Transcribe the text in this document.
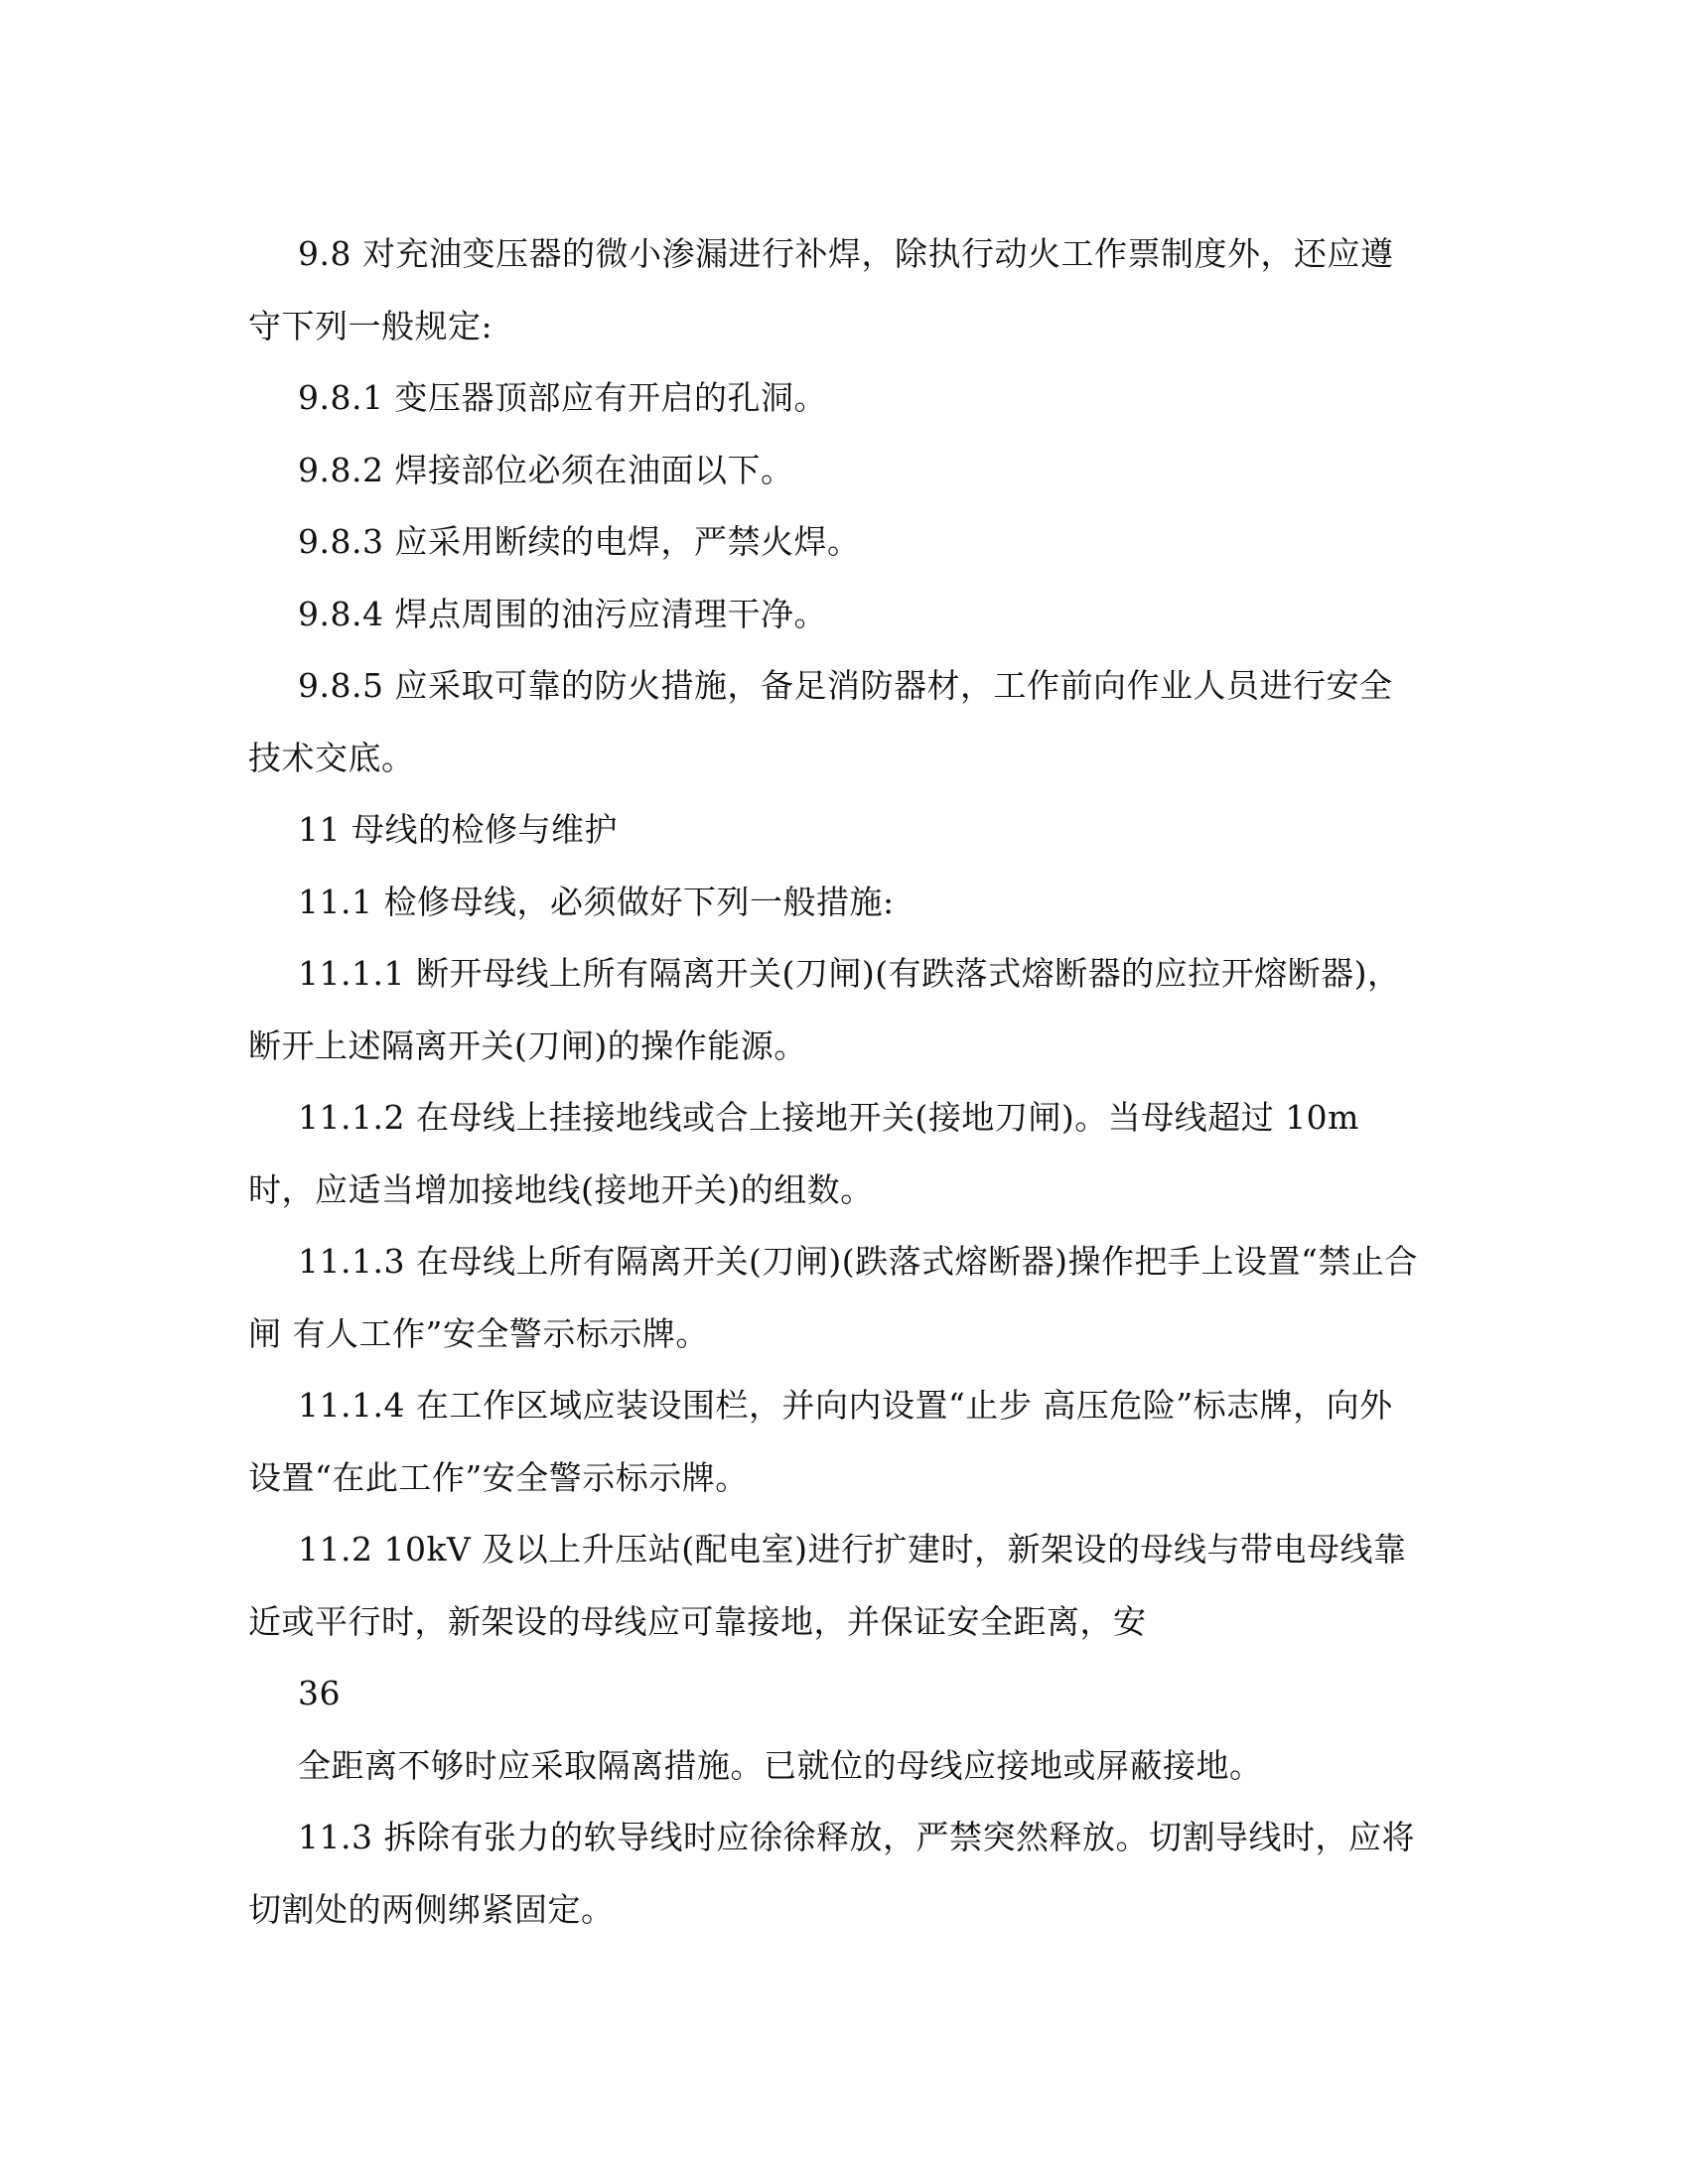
9.8 对充油变压器的微小渗漏进行补焊，除执行动火工作票制度外，还应遵守下列一般规定:

9.8.1 变压器顶部应有开启的孔洞。

9.8.2 焊接部位必须在油面以下。

9.8.3 应采用断续的电焊，严禁火焊。

9.8.4 焊点周围的油污应清理干净。

9.8.5 应采取可靠的防火措施，备足消防器材，工作前向作业人员进行安全技术交底。

11 母线的检修与维护

11.1 检修母线，必须做好下列一般措施:

11.1.1 断开母线上所有隔离开关(刀闸)(有跌落式熔断器的应拉开熔断器)，断开上述隔离开关(刀闸)的操作能源。

11.1.2 在母线上挂接地线或合上接地开关(接地刀闸)。当母线超过 10m 时，应适当增加接地线(接地开关)的组数。

11.1.3 在母线上所有隔离开关(刀闸)(跌落式熔断器)操作把手上设置“禁止合闸 有人工作”安全警示标示牌。

11.1.4 在工作区域应装设围栏，并向内设置“止步 高压危险”标志牌，向外设置“在此工作”安全警示标示牌。

11.2 10kV 及以上升压站(配电室)进行扩建时，新架设的母线与带电母线靠近或平行时，新架设的母线应可靠接地，并保证安全距离，安

36

全距离不够时应采取隔离措施。已就位的母线应接地或屏蔽接地。

11.3 拆除有张力的软导线时应徐徐释放，严禁突然释放。切割导线时，应将切割处的两侧绑紧固定。
